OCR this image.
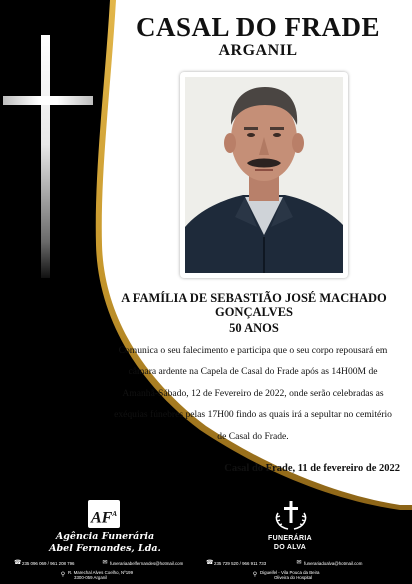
CASAL DO FRADE
ARGANIL
A FAMÍLIA DE SEBASTIÃO JOSÉ MACHADO
GONÇALVES
50 ANOS
Comunica o seu falecimento e participa que o seu corpo repousará em
câmara ardente na Capela de Casal do Frade após as 14H00M de
Amanhã-Sábado, 12 de Fevereiro de 2022, onde serão celebradas as
exéquias fúnebres pelas 17H00 findo as quais irá a sepultar no cemitério
de Casal do Frade.
Casal do Frade, 11 de fevereiro de 2022
$AF^A$
Agência Funerária
Abel Fernandes, Lda.
☎ 235 096 069 / 961 208 796	✉ funerariaabelfernandes@hotmail.com
⚲ R. Marechal Alves Coelho, Nº199
3300-059 Arganil
FUNERÁRIA
DO ALVA
☎ 235 729 520 / 966 911 733	✉ funerariadoalva@hotmail.com
⚲ Digueifel - Vila Pouca da Beira
Oliveira do Hospital
